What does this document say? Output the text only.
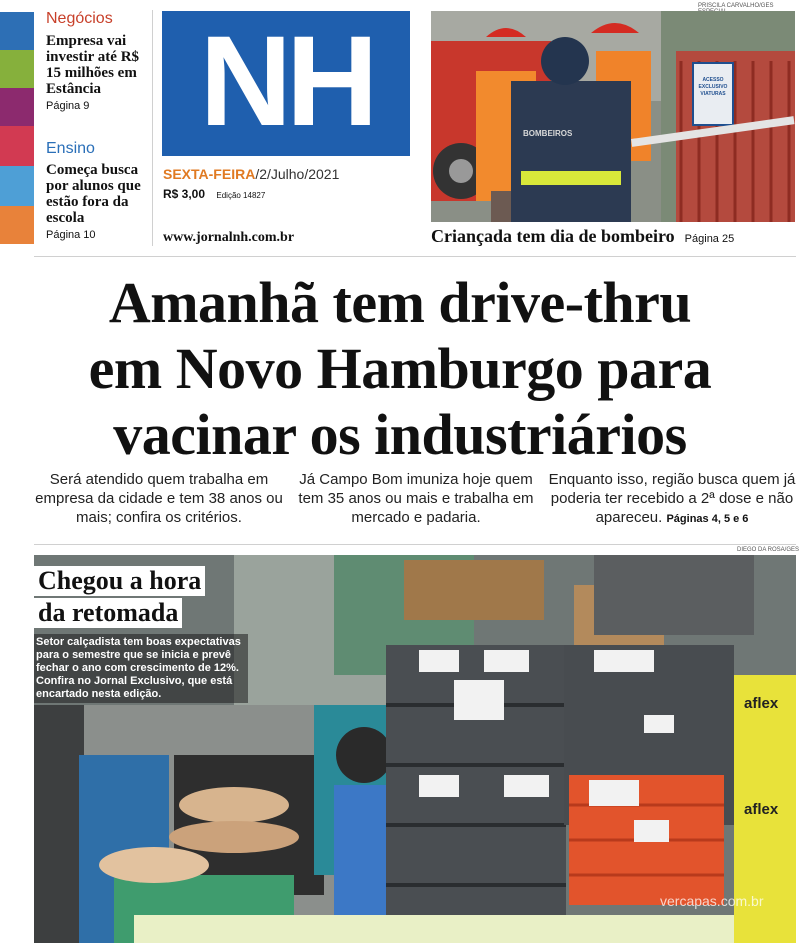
Negócios
Empresa vai investir até R$ 15 milhões em Estância
Página 9
Ensino
Começa busca por alunos que estão fora da escola
Página 10
NH
SEXTA-FEIRA/2/Julho/2021
R$ 3,00 Edição 14827
www.jornalnh.com.br
PRISCILA CARVALHO/GES
ACESSO EXCLUSIVO VIATURAS
BOMBEIROS
Criançada tem dia de bombeiro Página 25
Amanhã tem drive-thru
em Novo Hamburgo para
vacinar os industriários
Será atendido quem trabalha em empresa da cidade e tem 38 anos ou mais; confira os critérios.
Já Campo Bom imuniza hoje quem tem 35 anos ou mais e trabalha em mercado e padaria.
Enquanto isso, região busca quem já poderia ter recebido a 2ª dose e não apareceu. Páginas 4, 5 e 6
DIEGO DA ROSA/GES
aflex
aflex
Chegou a hora
da retomada
Setor calçadista tem boas expectativas para o semestre que se inicia e prevê fechar o ano com crescimento de 12%. Confira no Jornal Exclusivo, que está encartado nesta edição.
vercapas.com.br
